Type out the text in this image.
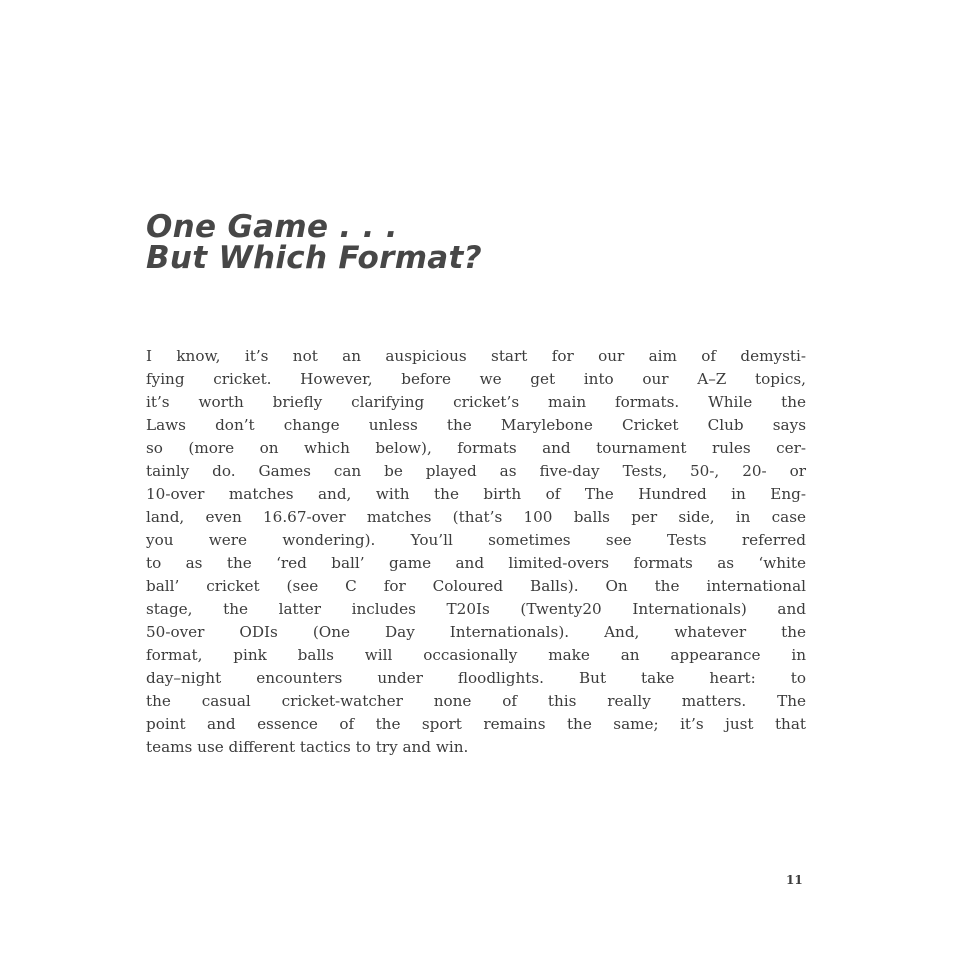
One Game . . .
But Which Format?
I know, it’s not an auspicious start for our aim of demysti-
fying cricket. However, before we get into our A–Z topics,
it’s worth briefly clarifying cricket’s main formats. While the
Laws don’t change unless the Marylebone Cricket Club says
so (more on which below), formats and tournament rules cer-
tainly do. Games can be played as five-day Tests, 50-, 20- or
10-over matches and, with the birth of The Hundred in Eng-
land, even 16.67-over matches (that’s 100 balls per side, in case
you were wondering). You’ll sometimes see Tests referred
to as the ‘red ball’ game and limited-overs formats as ‘white
ball’ cricket (see C for Coloured Balls). On the international
stage, the latter includes T20Is (Twenty20 Internationals) and
50-over ODIs (One Day Internationals). And, whatever the
format, pink balls will occasionally make an appearance in
day–night encounters under floodlights. But take heart: to
the casual cricket-watcher none of this really matters. The
point and essence of the sport remains the same; it’s just that
teams use different tactics to try and win.
11
